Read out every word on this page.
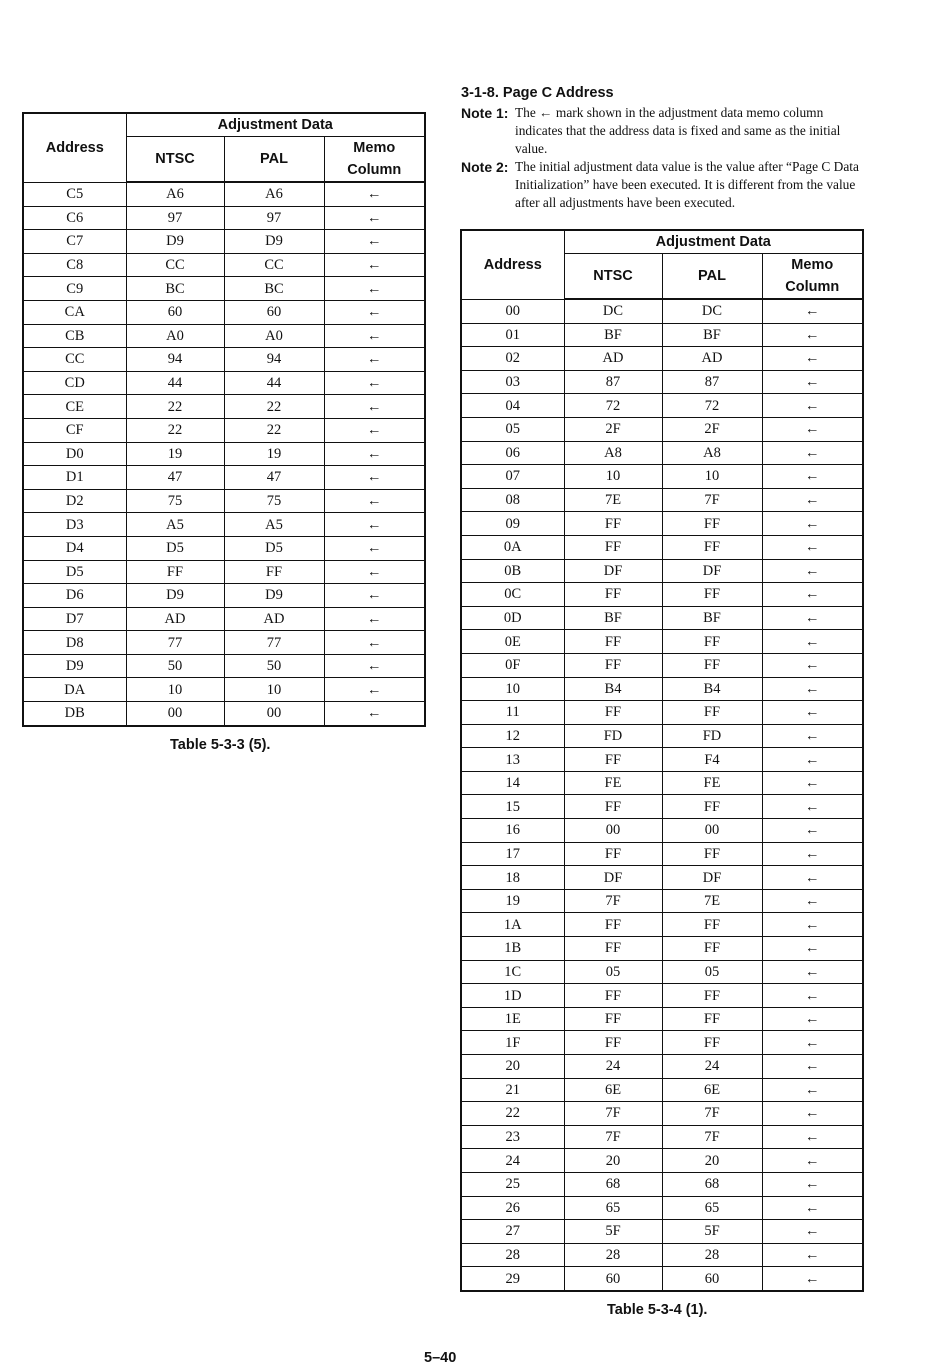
Address	Adjustment Data		
	NTSC	PAL	Memo
Column
C5	A6	A6	←
C6	97	97	←
C7	D9	D9	←
C8	CC	CC	←
C9	BC	BC	←
CA	60	60	←
CB	A0	A0	←
CC	94	94	←
CD	44	44	←
CE	22	22	←
CF	22	22	←
D0	19	19	←
D1	47	47	←
D2	75	75	←
D3	A5	A5	←
D4	D5	D5	←
D5	FF	FF	←
D6	D9	D9	←
D7	AD	AD	←
D8	77	77	←
D9	50	50	←
DA	10	10	←
DB	00	00	←
Table 5-3-3 (5).
3-1-8. Page C Address
Note 1: The ← mark shown in the adjustment data memo column indicates that the address data is fixed and same as the initial value.
Note 2: The initial adjustment data value is the value after “Page C Data Initialization” have been executed. It is different from the value after all adjustments have been executed.
Address	Adjustment Data		
	NTSC	PAL	Memo
Column
00	DC	DC	←
01	BF	BF	←
02	AD	AD	←
03	87	87	←
04	72	72	←
05	2F	2F	←
06	A8	A8	←
07	10	10	←
08	7E	7F	←
09	FF	FF	←
0A	FF	FF	←
0B	DF	DF	←
0C	FF	FF	←
0D	BF	BF	←
0E	FF	FF	←
0F	FF	FF	←
10	B4	B4	←
11	FF	FF	←
12	FD	FD	←
13	FF	F4	←
14	FE	FE	←
15	FF	FF	←
16	00	00	←
17	FF	FF	←
18	DF	DF	←
19	7F	7E	←
1A	FF	FF	←
1B	FF	FF	←
1C	05	05	←
1D	FF	FF	←
1E	FF	FF	←
1F	FF	FF	←
20	24	24	←
21	6E	6E	←
22	7F	7F	←
23	7F	7F	←
24	20	20	←
25	68	68	←
26	65	65	←
27	5F	5F	←
28	28	28	←
29	60	60	←
Table 5-3-4 (1).
5–40
